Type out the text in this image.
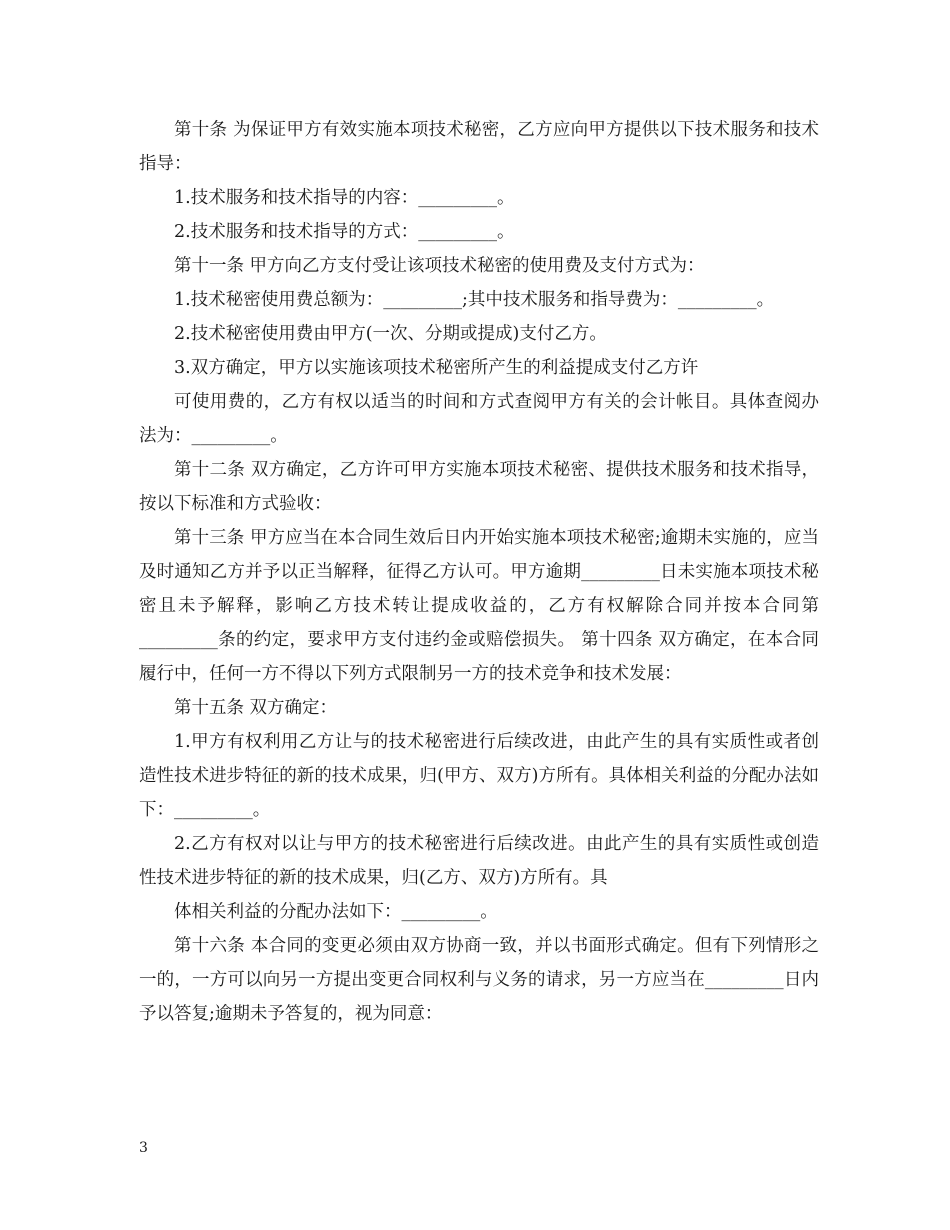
第十条 为保证甲方有效实施本项技术秘密，乙方应向甲方提供以下技术服务和技术指导：

1.技术服务和技术指导的内容：_________。

2.技术服务和技术指导的方式：_________。

第十一条 甲方向乙方支付受让该项技术秘密的使用费及支付方式为：

1.技术秘密使用费总额为：_________;其中技术服务和指导费为：_________。

2.技术秘密使用费由甲方(一次、分期或提成)支付乙方。

3.双方确定，甲方以实施该项技术秘密所产生的利益提成支付乙方许

可使用费的，乙方有权以适当的时间和方式查阅甲方有关的会计帐目。具体查阅办法为：_________。

第十二条 双方确定，乙方许可甲方实施本项技术秘密、提供技术服务和技术指导，按以下标准和方式验收：

第十三条 甲方应当在本合同生效后日内开始实施本项技术秘密;逾期未实施的，应当及时通知乙方并予以正当解释，征得乙方认可。甲方逾期_________日未实施本项技术秘密且未予解释，影响乙方技术转让提成收益的，乙方有权解除合同并按本合同第_________条的约定，要求甲方支付违约金或赔偿损失。 第十四条 双方确定，在本合同履行中，任何一方不得以下列方式限制另一方的技术竞争和技术发展：

第十五条 双方确定：

1.甲方有权利用乙方让与的技术秘密进行后续改进，由此产生的具有实质性或者创造性技术进步特征的新的技术成果，归(甲方、双方)方所有。具体相关利益的分配办法如下：_________。

2.乙方有权对以让与甲方的技术秘密进行后续改进。由此产生的具有实质性或创造性技术进步特征的新的技术成果，归(乙方、双方)方所有。具

体相关利益的分配办法如下：_________。

第十六条 本合同的变更必须由双方协商一致，并以书面形式确定。但有下列情形之一的，一方可以向另一方提出变更合同权利与义务的请求，另一方应当在_________日内予以答复;逾期未予答复的，视为同意：

3
